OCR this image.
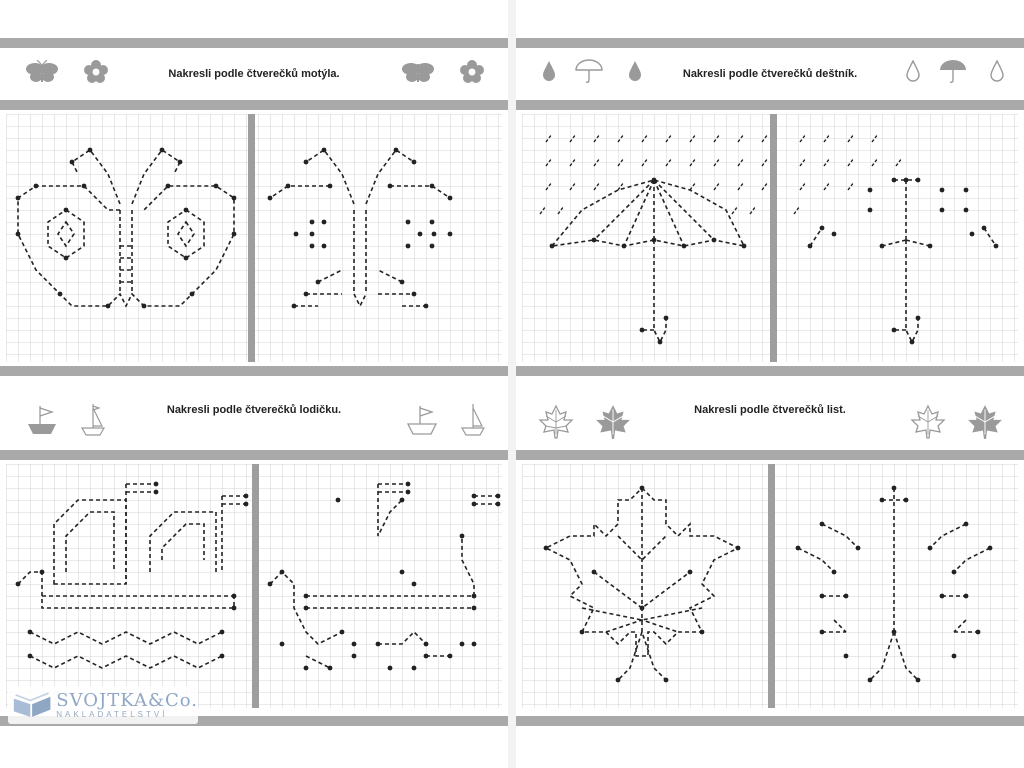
Nakresli podle čtverečků motýla.	Nakresli podle čtverečků deštník.
Nakresli podle čtverečků lodičku.	Nakresli podle čtverečků list.
SVOJTKA&Co.
NAKLADATELSTVÍ
